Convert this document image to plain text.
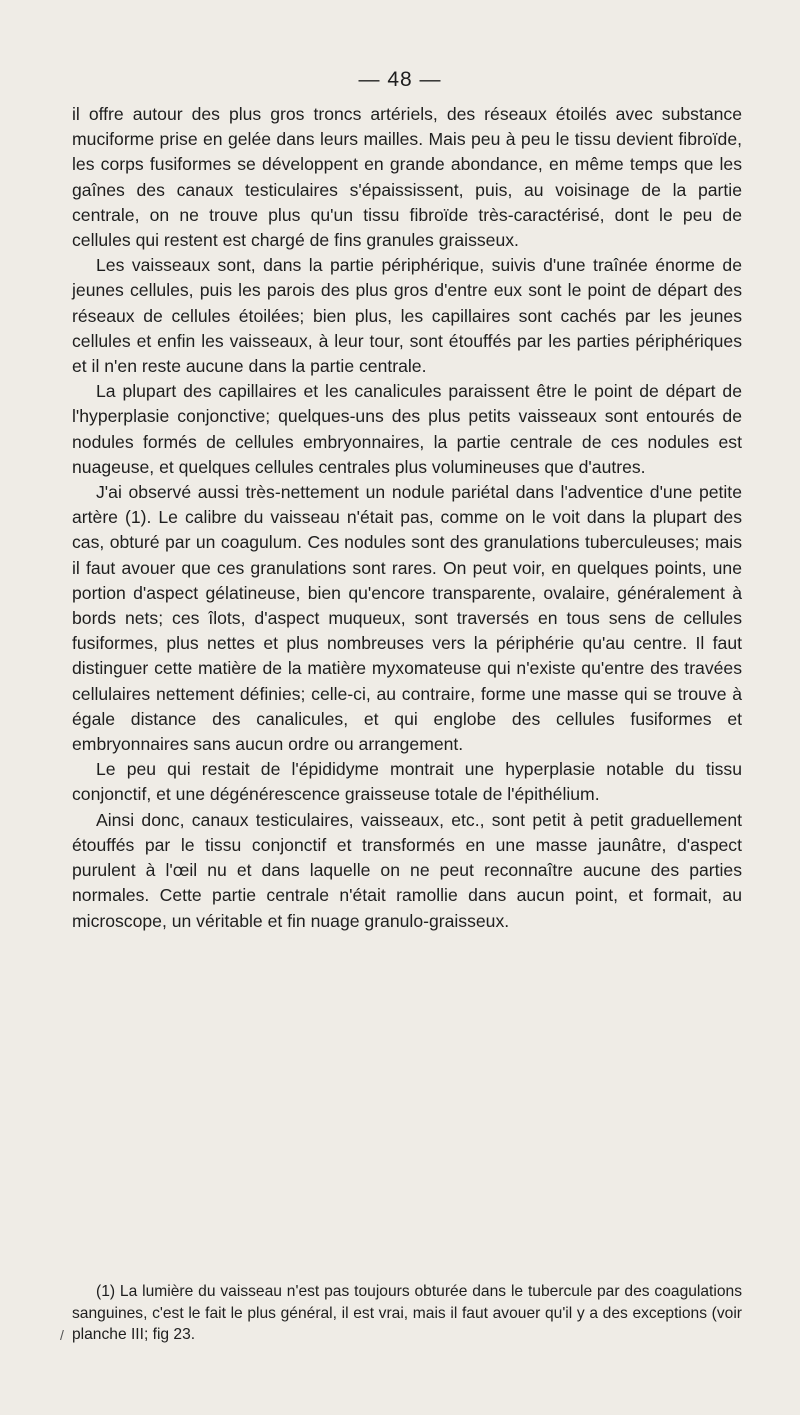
— 48 —

il offre autour des plus gros troncs artériels, des réseaux étoilés avec substance muciforme prise en gelée dans leurs mailles. Mais peu à peu le tissu devient fibroïde, les corps fusiformes se développent en grande abondance, en même temps que les gaînes des canaux testiculaires s'épaississent, puis, au voisinage de la partie centrale, on ne trouve plus qu'un tissu fibroïde très-caractérisé, dont le peu de cellules qui restent est chargé de fins granules graisseux.

Les vaisseaux sont, dans la partie périphérique, suivis d'une traînée énorme de jeunes cellules, puis les parois des plus gros d'entre eux sont le point de départ des réseaux de cellules étoilées; bien plus, les capillaires sont cachés par les jeunes cellules et enfin les vaisseaux, à leur tour, sont étouffés par les parties périphériques et il n'en reste aucune dans la partie centrale.

La plupart des capillaires et les canalicules paraissent être le point de départ de l'hyperplasie conjonctive; quelques-uns des plus petits vaisseaux sont entourés de nodules formés de cellules embryonnaires, la partie centrale de ces nodules est nuageuse, et quelques cellules centrales plus volumineuses que d'autres.

J'ai observé aussi très-nettement un nodule pariétal dans l'adventice d'une petite artère (1). Le calibre du vaisseau n'était pas, comme on le voit dans la plupart des cas, obturé par un coagulum. Ces nodules sont des granulations tuberculeuses; mais il faut avouer que ces granulations sont rares. On peut voir, en quelques points, une portion d'aspect gélatineuse, bien qu'encore transparente, ovalaire, généralement à bords nets; ces îlots, d'aspect muqueux, sont traversés en tous sens de cellules fusiformes, plus nettes et plus nombreuses vers la périphérie qu'au centre. Il faut distinguer cette matière de la matière myxomateuse qui n'existe qu'entre des travées cellulaires nettement définies; celle-ci, au contraire, forme une masse qui se trouve à égale distance des canalicules, et qui englobe des cellules fusiformes et embryonnaires sans aucun ordre ou arrangement.

Le peu qui restait de l'épididyme montrait une hyperplasie notable du tissu conjonctif, et une dégénérescence graisseuse totale de l'épithélium.

Ainsi donc, canaux testiculaires, vaisseaux, etc., sont petit à petit graduellement étouffés par le tissu conjonctif et transformés en une masse jaunâtre, d'aspect purulent à l'œil nu et dans laquelle on ne peut reconnaître aucune des parties normales. Cette partie centrale n'était ramollie dans aucun point, et formait, au microscope, un véritable et fin nuage granulo-graisseux.

(1) La lumière du vaisseau n'est pas toujours obturée dans le tubercule par des coagulations sanguines, c'est le fait le plus général, il est vrai, mais il faut avouer qu'il y a des exceptions (voir planche III; fig 23.

/
